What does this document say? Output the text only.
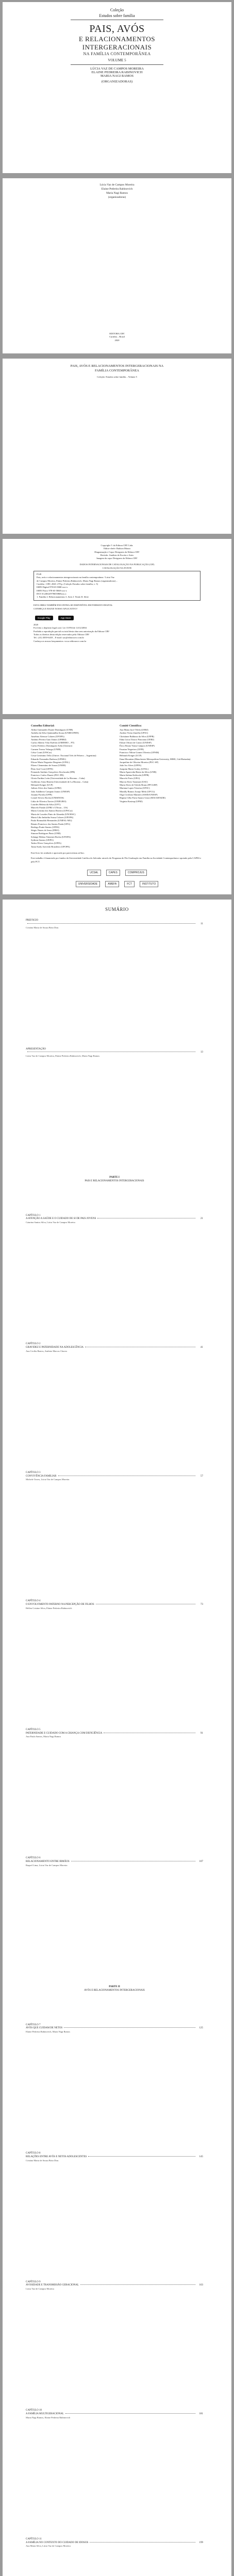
Coleção
Estudos sobre família
PAIS, AVÓS
E RELACIONAMENTOS
INTERGERACIONAIS
NA FAMÍLIA CONTEMPORÂNEA
VOLUME 5
LÚCIA VAZ DE CAMPOS MOREIRA
ELAINE PEDREIRA RABINOVICH
MARIA NAGI RAMOS
(ORGANIZADORAS)
Lúcia Vaz de Campos Moreira
Elaine Pedreira Rabinovich
Maria Nagi Ramos
(organizadoras)
EDITORA CRV
Curitiba – Brasil
2020
PAIS, AVÓS E RELACIONAMENTOS INTERGERACIONAIS NA FAMÍLIA CONTEMPORÂNEA
Coleção: Estudos sobre família – Volume 5
Copyright © da Editora CRV Ltda.
Editor-chefe: Railson Moura
Diagramação e Capa: Designers da Editora CRV
Revisão: Analista de Escrita e Artes
Imagem da capa: Designers da Editora CRV
DADOS INTERNACIONAIS DE CATALOGAÇÃO NA PUBLICAÇÃO (CIP)
CATALOGAÇÃO NA FONTE
P149
Pais, avós e relacionamentos intergeracionais na família contemporânea / Lúcia Vaz
de Campos Moreira, Elaine Pedreira Rabinovich, Maria Nagi Ramos (organizadoras) –
Curitiba : CRV, 2020. 278 p. (Coleção Estudos sobre família, v. 5)
ISBN Digital 978-65-5868-xxx-x
ISBN Físico 978-65-5868-xxx-x
DOI 10.24824/978655868xxx.x
1. Família 2. Relacionamentos 3. Avós I. Título II. Série
ESTA OBRA TAMBÉM ENCONTRA-SE DISPONÍVEL EM FORMATO DIGITAL
CONHEÇA E BAIXE NOSSO APLICATIVO!
Google Play	App Store
2020
Foi feito o depósito legal conf. Lei 10.994 de 14/12/2004
Proibida a reprodução parcial ou total desta obra sem autorização da Editora CRV
Todos os direitos desta edição reservados pela: Editora CRV
Tel.: (41) 3039-6418 – E-mail: sac@editoracrv.com.br
Conheça os nossos lançamentos: www.editoracrv.com.br
Conselho Editorial:
Aldira Guimarães Duarte Domínguez (UNB)
Andréia da Silva Quintanilha Sousa (UNIR/UFRN)
Anselmo Alencar Colares (UFOPA)
Antônio Pereira Gaio Júnior (UFRRJ)
Carlos Alberto Vilar Estêvão (UMINHO – PT)
Carlos Federico Dominguez Avila (Unieuro)
Carmen Tereza Velanga (UNIR)
Celso Conti (UFSCar)
Cesar Gerónimo Tello (Univer .Nacional Três de Febrero – Argentina)
Eduardo Fernandes Barbosa (UFMG)
Elione Maria Nogueira Diogenes (UFAL)
Elizeu Clementino de Souza (UNEB)
Élsio José Corá (UFFS)
Fernando Antônio Gonçalves Alcoforado (IPB)
Francisco Carlos Duarte (PUC-PR)
Gloria Fariñas León (Universidade de La Havana – Cuba)
Guillermo Arias Beatón (Universidade de La Havana – Cuba)
Helmuth Krüger (UCP)
Jailson Alves dos Santos (UFRJ)
João Adalberto Campato Junior (UNESP)
Josania Portela (UFPI)
Leonel Severo Rocha (UNISINOS)
Lídia de Oliveira Xavier (UNIEURO)
Lourdes Helena da Silva (UFV)
Marcelo Paixão (UFRJ e UTexas – US)
Maria Cristina dos Santos Bezerra (UFSCar)
Maria de Lourdes Pinto de Almeida (UNOESC)
Maria Lília Imbiriba Sousa Colares (UFOPA)
Paulo Romualdo Hernandes (UNIFAL-MG)
Renato Francisco dos Santos Paula (UFG)
Rodrigo Pratte-Santos (UFES)
Sérgio Nunes de Jesus (IFRO)
Simone Rodrigues Pinto (UNB)
Solange Helena Ximenes-Rocha (UFOPA)
Sydione Santos (UEPG)
Tadeu Oliver Gonçalves (UFPA)
Tania Suely Azevedo Brasileiro (UFOPA)
Comitê Científico:
Ana Maria Jacó-Vilela (UERJ)
Andrea Vieira Zanella (UFSC)
Christiane Baldasso da Silva (UFPR)
Edna Lúcia Tinoco Ponciano (UERJ)
Edson Olivari de Castro (UNESP)
Érico Bruno Viana Campos (UNESP)
Fauston Negreiros (UFPI)
Francisco Nilton Gomes Oliveira (UFSM)
Helmuth Krüger (UCP)
Ilana Mountian (Manchester Metropolitan University, MMU, Grã-Bretanha)
Jacqueline de Oliveira Moreira (PUC-SP)
João Ivo Alves (UFPA)
Joaquim Maria Godoy (UFAL)
Maria Aparecida Bento da Silva (UNB)
Maria Sabina Kalivoda (UFPR)
Marcelo Porto (UEG)
Marcia Alves Tassinari (USU)
Maria Alves de Toledo Bruns (FFCLRP)
Mariana Lopez Teixeira (UFSC)
Monilly Ramos Araujo Melo (UFCG)
Olga Ceciliato Mattioli (ASSIS/UNESP)
Regina Célia Faria Amaro Giora (MACKENZIE)
Virgínia Kastrup (UFRJ)
Este livro foi avaliado e aprovado por pareceristas ad hoc.
Este trabalho é financiado por fundos da Universidade Católica do Salvador através do Programa de Pós-Graduação em Família na Sociedade Contemporânea e apoiado pela CAPES e pela FCT.
UCSAL	CAPES	COMPROJUS
UNIVERSIDADE	AMEFA	FCT	INSTITUTO
SUMÁRIO
PREFÁCIO
11
Cristina Maria de Souza Brito Dias
APRESENTAÇÃO
13
Lúcia Vaz de Campos Moreira, Elaine Pedreira Rabinovich, Maria Nagi Ramos
PARTE I
PAIS E RELACIONAMENTOS INTERGERACIONAIS
CAPÍTULO 1
A ATENÇÃO A SAÚDE E O CUIDADO DE SI DE PAIS JOVENS	21
Catarina Santos Silva, Lúcia Vaz de Campos Moreira
CAPÍTULO 2
GRAVIDEZ E PATERNIDADE NA ADOLESCÊNCIA	41
Ana Cecília Bastos, Antônio Marcos Chaves
CAPÍTULO 3
CONVIVÊNCIA FAMILIAR	57
Michele Torres, Lúcia Vaz de Campos Moreira
CAPÍTULO 4
O ENVOLVIMENTO PATERNO NA PERCEPÇÃO DE FILHOS	73
Hellen Cristine Silva, Elaine Pedreira Rabinovich
CAPÍTULO 5
PATERNIDADE E CUIDADO COM A CRIANÇA COM DEFICIÊNCIA	91
Ana Paula Santos, Maria Nagi Ramos
CAPÍTULO 6
RELACIONAMENTO ENTRE IRMÃOS	107
Raquel Lima, Lúcia Vaz de Campos Moreira
PARTE II
AVÓS E RELACIONAMENTOS INTERGERACIONAIS
CAPÍTULO 7
AVÓS QUE CUIDAM DE NETOS	125
Elaine Pedreira Rabinovich, Maria Nagi Ramos
CAPÍTULO 8
RELAÇÕES ENTRE AVÓS E NETOS ADOLESCENTES	145
Cristina Maria de Souza Brito Dias
CAPÍTULO 9
AVOSIDADE E TRANSMISSÃO GERACIONAL	163
Lúcia Vaz de Campos Moreira
CAPÍTULO 10
A FAMÍLIA MULTIGERACIONAL	181
Maria Nagi Ramos, Elaine Pedreira Rabinovich
CAPÍTULO 11
A FAMÍLIA NO CONTEXTO DO CUIDADO DE IDOSOS	199
Ana Maria Silva, Lúcia Vaz de Campos Moreira
